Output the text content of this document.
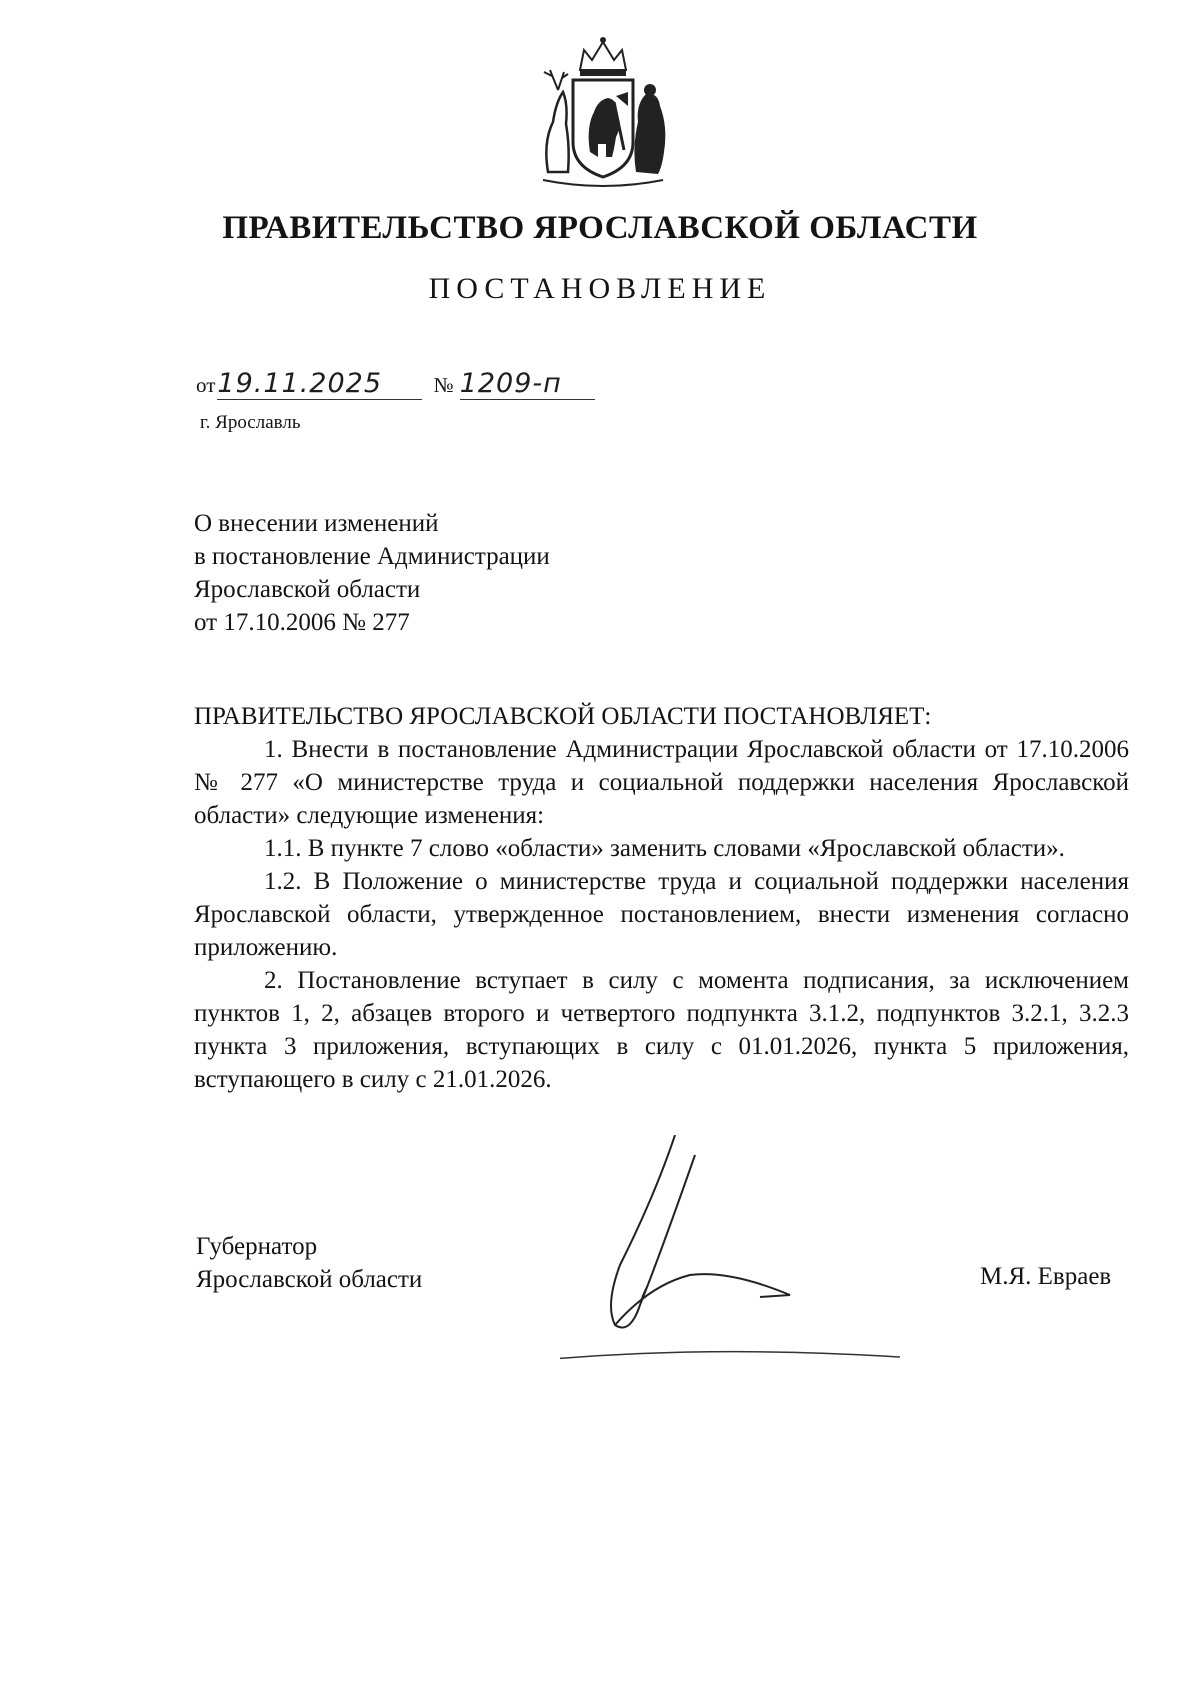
ПРАВИТЕЛЬСТВО ЯРОСЛАВСКОЙ ОБЛАСТИ
ПОСТАНОВЛЕНИЕ
от19.11.2025 № 1209-п
г. Ярославль
О внесении изменений
в постановление Администрации
Ярославской области
от 17.10.2006 № 277

ПРАВИТЕЛЬСТВО ЯРОСЛАВСКОЙ ОБЛАСТИ ПОСТАНОВЛЯЕТ:

1. Внести в постановление Администрации Ярославской области от 17.10.2006 № 277 «О министерстве труда и социальной поддержки населения Ярославской области» следующие изменения:

1.1. В пункте 7 слово «области» заменить словами «Ярославской области».

1.2. В Положение о министерстве труда и социальной поддержки населения Ярославской области, утвержденное постановлением, внести изменения согласно приложению.

2. Постановление вступает в силу с момента подписания, за исключением пунктов 1, 2, абзацев второго и четвертого подпункта 3.1.2, подпунктов 3.2.1, 3.2.3 пункта 3 приложения, вступающих в силу с 01.01.2026, пункта 5 приложения, вступающего в силу с 21.01.2026.

Губернатор
Ярославской области	М.Я. Евраев
